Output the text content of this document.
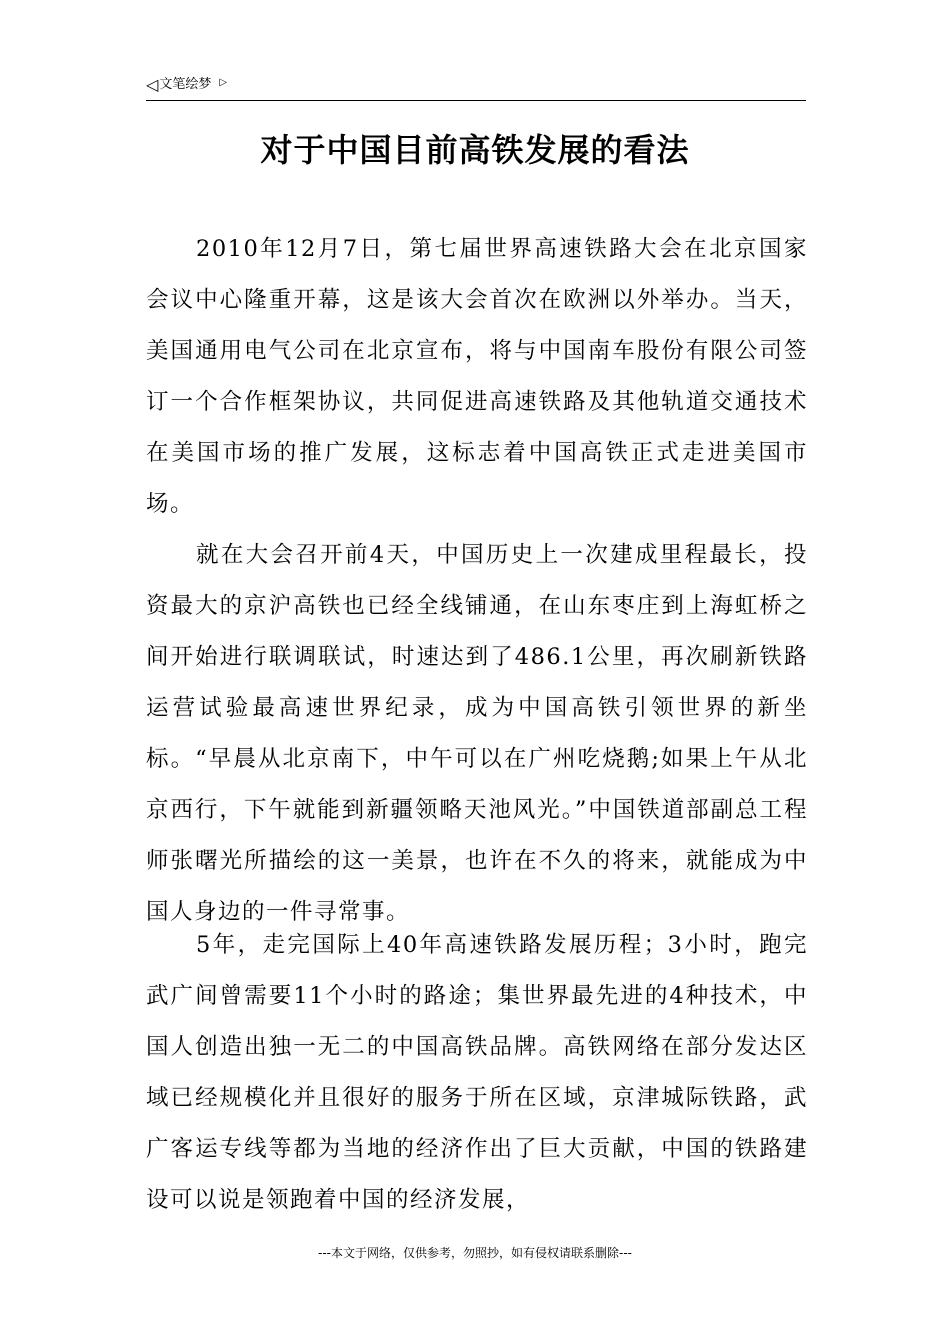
◁文笔绘梦 ▷
对于中国目前高铁发展的看法

2010年12月7日，第七届世界高速铁路大会在北京国家会议中心隆重开幕，这是该大会首次在欧洲以外举办。当天，美国通用电气公司在北京宣布，将与中国南车股份有限公司签订一个合作框架协议，共同促进高速铁路及其他轨道交通技术在美国市场的推广发展，这标志着中国高铁正式走进美国市场。

就在大会召开前4天，中国历史上一次建成里程最长，投资最大的京沪高铁也已经全线铺通，在山东枣庄到上海虹桥之间开始进行联调联试，时速达到了486.1公里，再次刷新铁路运营试验最高速世界纪录，成为中国高铁引领世界的新坐标。“早晨从北京南下，中午可以在广州吃烧鹅;如果上午从北京西行，下午就能到新疆领略天池风光。”中国铁道部副总工程师张曙光所描绘的这一美景，也许在不久的将来，就能成为中国人身边的一件寻常事。

5年，走完国际上40年高速铁路发展历程；3小时，跑完武广间曾需要11个小时的路途；集世界最先进的4种技术，中国人创造出独一无二的中国高铁品牌。高铁网络在部分发达区域已经规模化并且很好的服务于所在区域，京津城际铁路，武广客运专线等都为当地的经济作出了巨大贡献，中国的铁路建设可以说是领跑着中国的经济发展，

---本文于网络，仅供参考，勿照抄，如有侵权请联系删除---
